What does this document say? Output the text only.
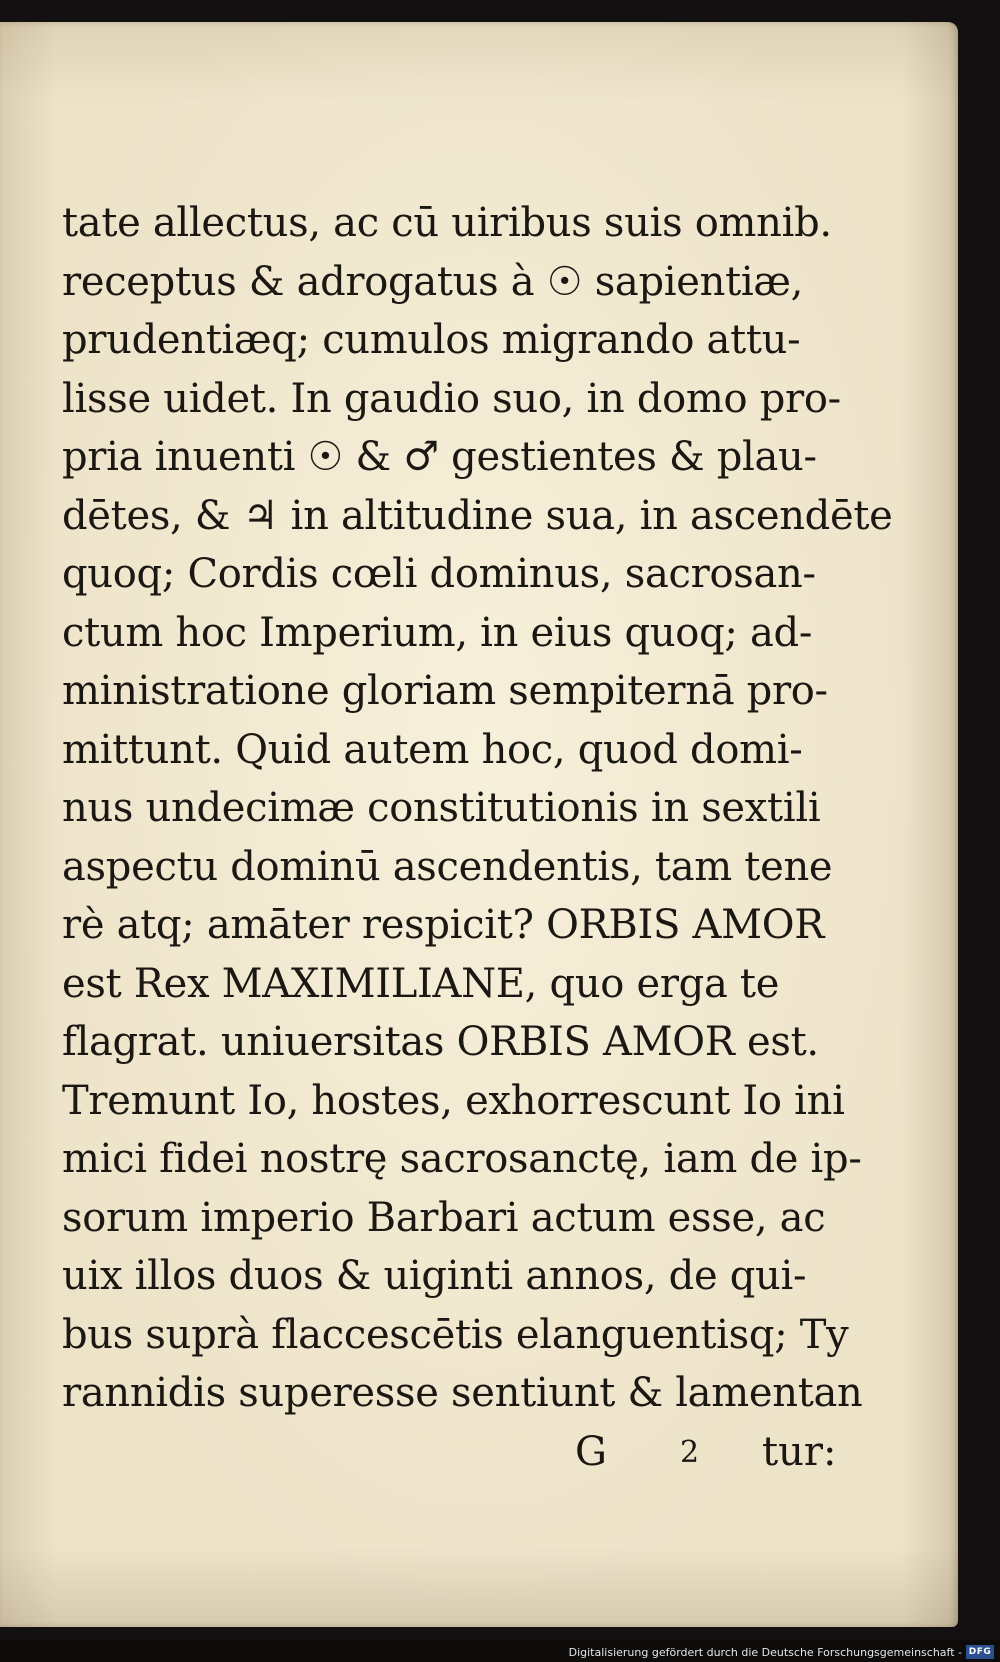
tate allectus, ac cū uiribus suis omnib.
receptus & adrogatus à ☉ sapientiæ,
prudentiæq; cumulos migrando attu-
lisse uidet. In gaudio suo, in domo pro-
pria inuenti ☉ & ♂ gestientes & plau-
dētes, & ♃ in altitudine sua, in ascendēte
quoq; Cordis cœli dominus, sacrosan-
ctum hoc Imperium, in eius quoq; ad-
ministratione gloriam sempiternā pro-
mittunt. Quid autem hoc, quod domi-
nus undecimæ constitutionis in sextili
aspectu dominū ascendentis, tam tene
rè atq; amāter respicit? ORBIS AMOR
est Rex MAXIMILIANE, quo erga te
flagrat. uniuersitas ORBIS AMOR est.
Tremunt Io, hostes, exhorrescunt Io ini
mici fidei nostrę sacrosanctę, iam de ip-
sorum imperio Barbari actum esse, ac
uix illos duos & uiginti annos, de qui-
bus suprà flaccescētis elanguentisq; Ty
rannidis superesse sentiunt & lamentan
G 2 tur:
Digitalisierung gefördert durch die Deutsche Forschungsgemeinschaft - DFG
